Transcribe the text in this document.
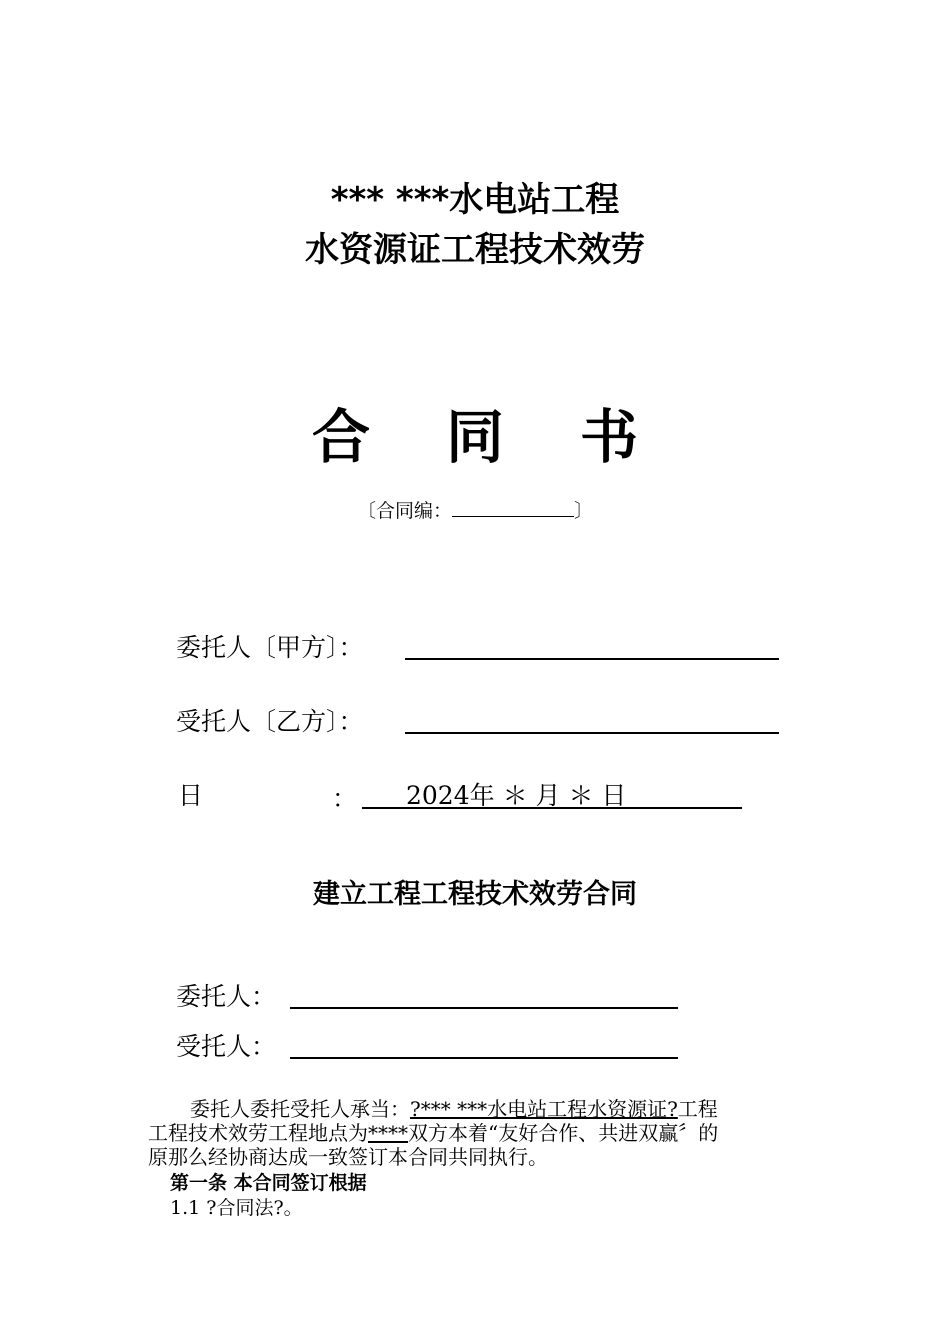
*** ***水电站工程
水资源证工程技术效劳
合 同 书
〔合同编：	〕
委托人〔甲方〕：
受托人〔乙方〕：
日	： 2024年 ＊ 月 ＊ 日
建立工程工程技术效劳合同
委托人：
受托人：

委托人委托受托人承当：?*** ***水电站工程水资源证?工程

工程技术效劳工程地点为****双方本着“友好合作、共进双赢〞的

原那么经协商达成一致签订本合同共同执行。

第一条 本合同签订根据
1.1 ?合同法?。
